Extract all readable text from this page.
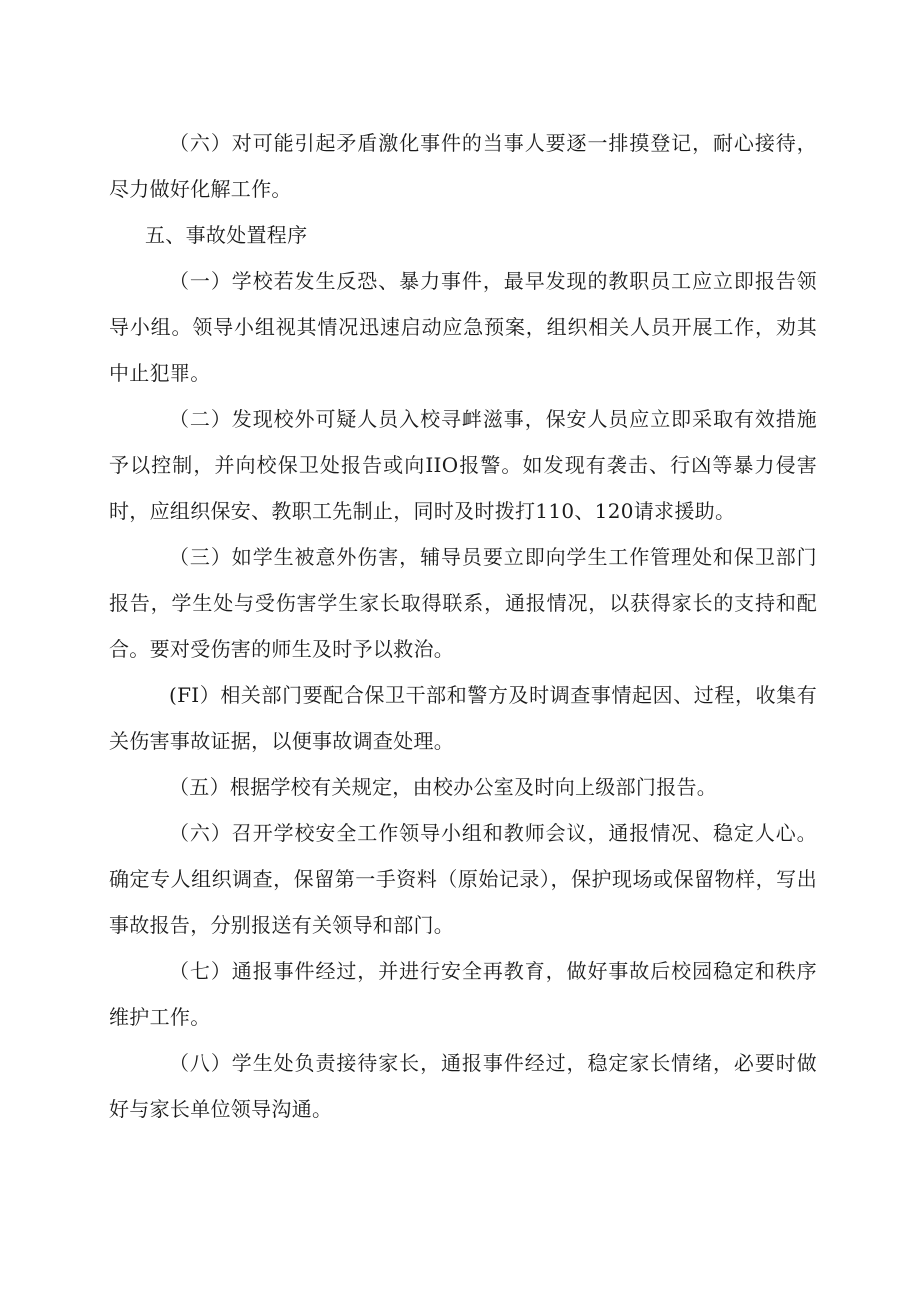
（六）对可能引起矛盾激化事件的当事人要逐一排摸登记，耐心接待，尽力做好化解工作。

五、事故处置程序

（一）学校若发生反恐、暴力事件，最早发现的教职员工应立即报告领导小组。领导小组视其情况迅速启动应急预案，组织相关人员开展工作，劝其中止犯罪。

（二）发现校外可疑人员入校寻衅滋事，保安人员应立即采取有效措施予以控制，并向校保卫处报告或向IIO报警。如发现有袭击、行凶等暴力侵害时，应组织保安、教职工先制止，同时及时拨打110、120请求援助。

（三）如学生被意外伤害，辅导员要立即向学生工作管理处和保卫部门报告，学生处与受伤害学生家长取得联系，通报情况，以获得家长的支持和配合。要对受伤害的师生及时予以救治。

(FI）相关部门要配合保卫干部和警方及时调查事情起因、过程，收集有关伤害事故证据，以便事故调查处理。

（五）根据学校有关规定，由校办公室及时向上级部门报告。

（六）召开学校安全工作领导小组和教师会议，通报情况、稳定人心。确定专人组织调查，保留第一手资料（原始记录），保护现场或保留物样，写出事故报告，分别报送有关领导和部门。

（七）通报事件经过，并进行安全再教育，做好事故后校园稳定和秩序维护工作。

（八）学生处负责接待家长，通报事件经过，稳定家长情绪，必要时做好与家长单位领导沟通。
